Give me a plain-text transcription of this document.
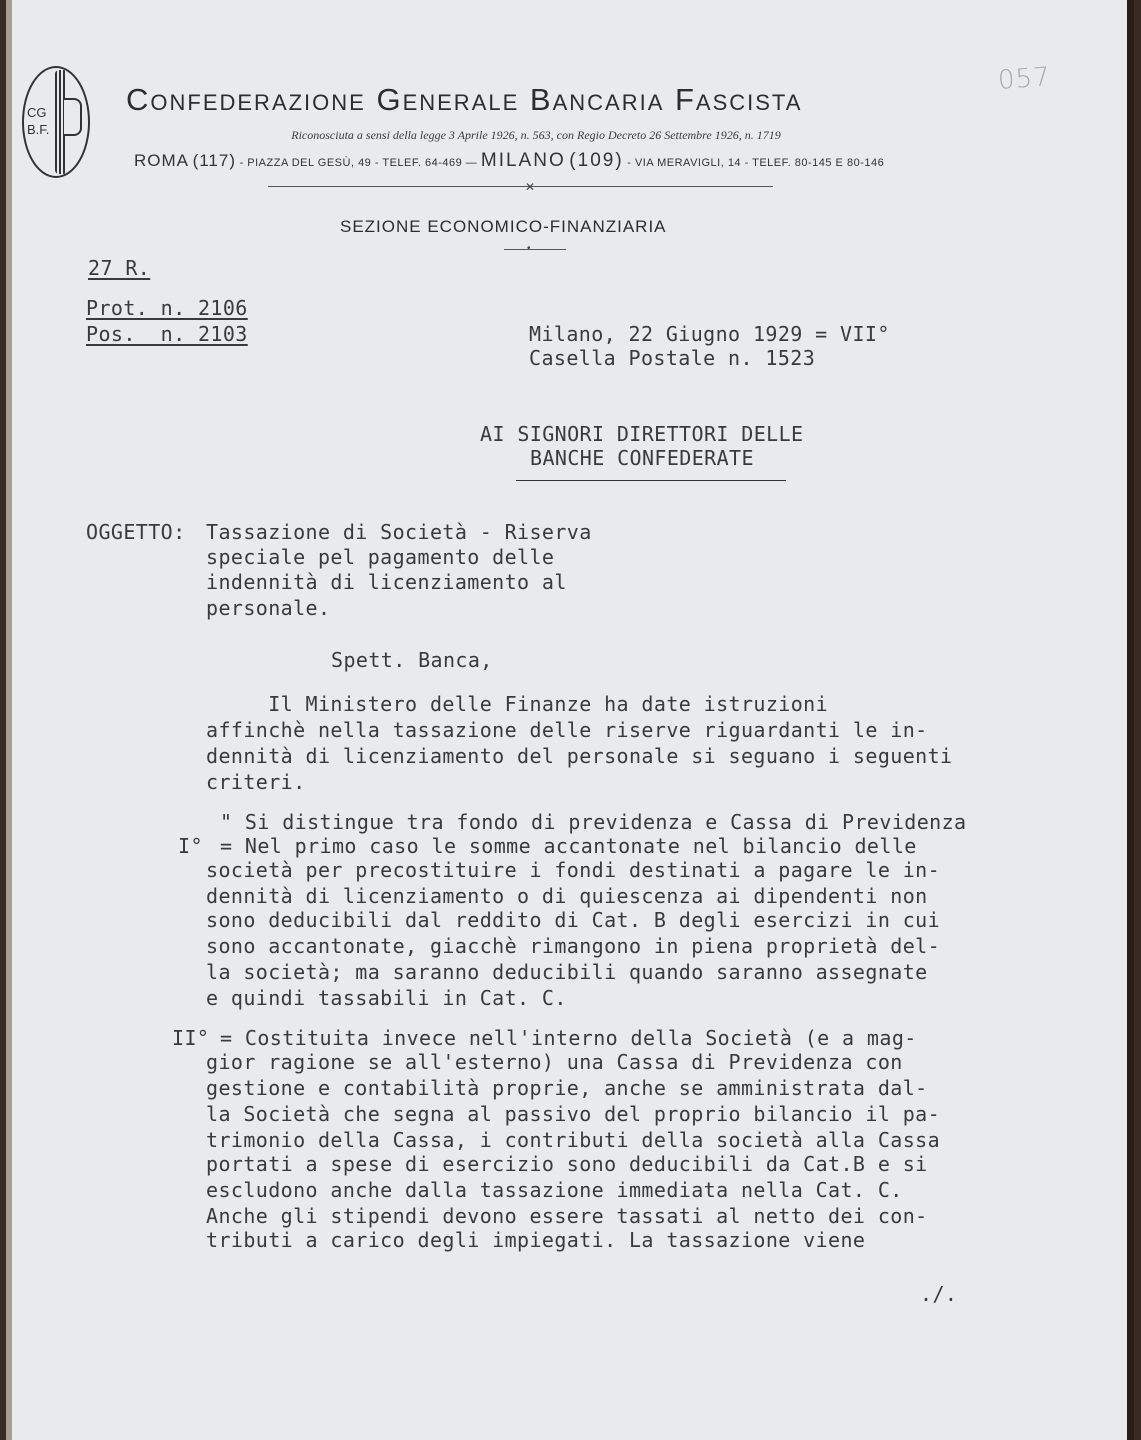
057
CG
B.F.
Confederazione Generale Bancaria Fascista
Riconosciuta a sensi della legge 3 Aprile 1926, n. 563, con Regio Decreto 26 Settembre 1926, n. 1719
ROMA (117) - PIAZZA DEL GESÙ, 49 - TELEF. 64-469 — MILANO (109) - VIA MERAVIGLI, 14 - TELEF. 80-145 E 80-146
✕
SEZIONE ECONOMICO-FINANZIARIA
•
27 R.
Prot. n. 2106
Pos.  n. 2103	Milano, 22 Giugno 1929 = VII°
Casella Postale n. 1523
AI SIGNORI DIRETTORI DELLE
BANCHE CONFEDERATE
OGGETTO: Tassazione di Società - Riserva
speciale pel pagamento delle
indennità di licenziamento al
personale.
Spett. Banca,
Il Ministero delle Finanze ha date istruzioni
affinchè nella tassazione delle riserve riguardanti le in-
dennità di licenziamento del personale si seguano i seguenti
criteri.
" Si distingue tra fondo di previdenza e Cassa di Previdenza
I° = Nel primo caso le somme accantonate nel bilancio delle
società per precostituire i fondi destinati a pagare le in-
dennità di licenziamento o di quiescenza ai dipendenti non
sono deducibili dal reddito di Cat. B degli esercizi in cui
sono accantonate, giacchè rimangono in piena proprietà del-
la società; ma saranno deducibili quando saranno assegnate
e quindi tassabili in Cat. C.
II° = Costituita invece nell'interno della Società (e a mag-
gior ragione se all'esterno) una Cassa di Previdenza con
gestione e contabilità proprie, anche se amministrata dal-
la Società che segna al passivo del proprio bilancio il pa-
trimonio della Cassa, i contributi della società alla Cassa
portati a spese di esercizio sono deducibili da Cat.B e si
escludono anche dalla tassazione immediata nella Cat. C.
Anche gli stipendi devono essere tassati al netto dei con-
tributi a carico degli impiegati. La tassazione viene
./.
